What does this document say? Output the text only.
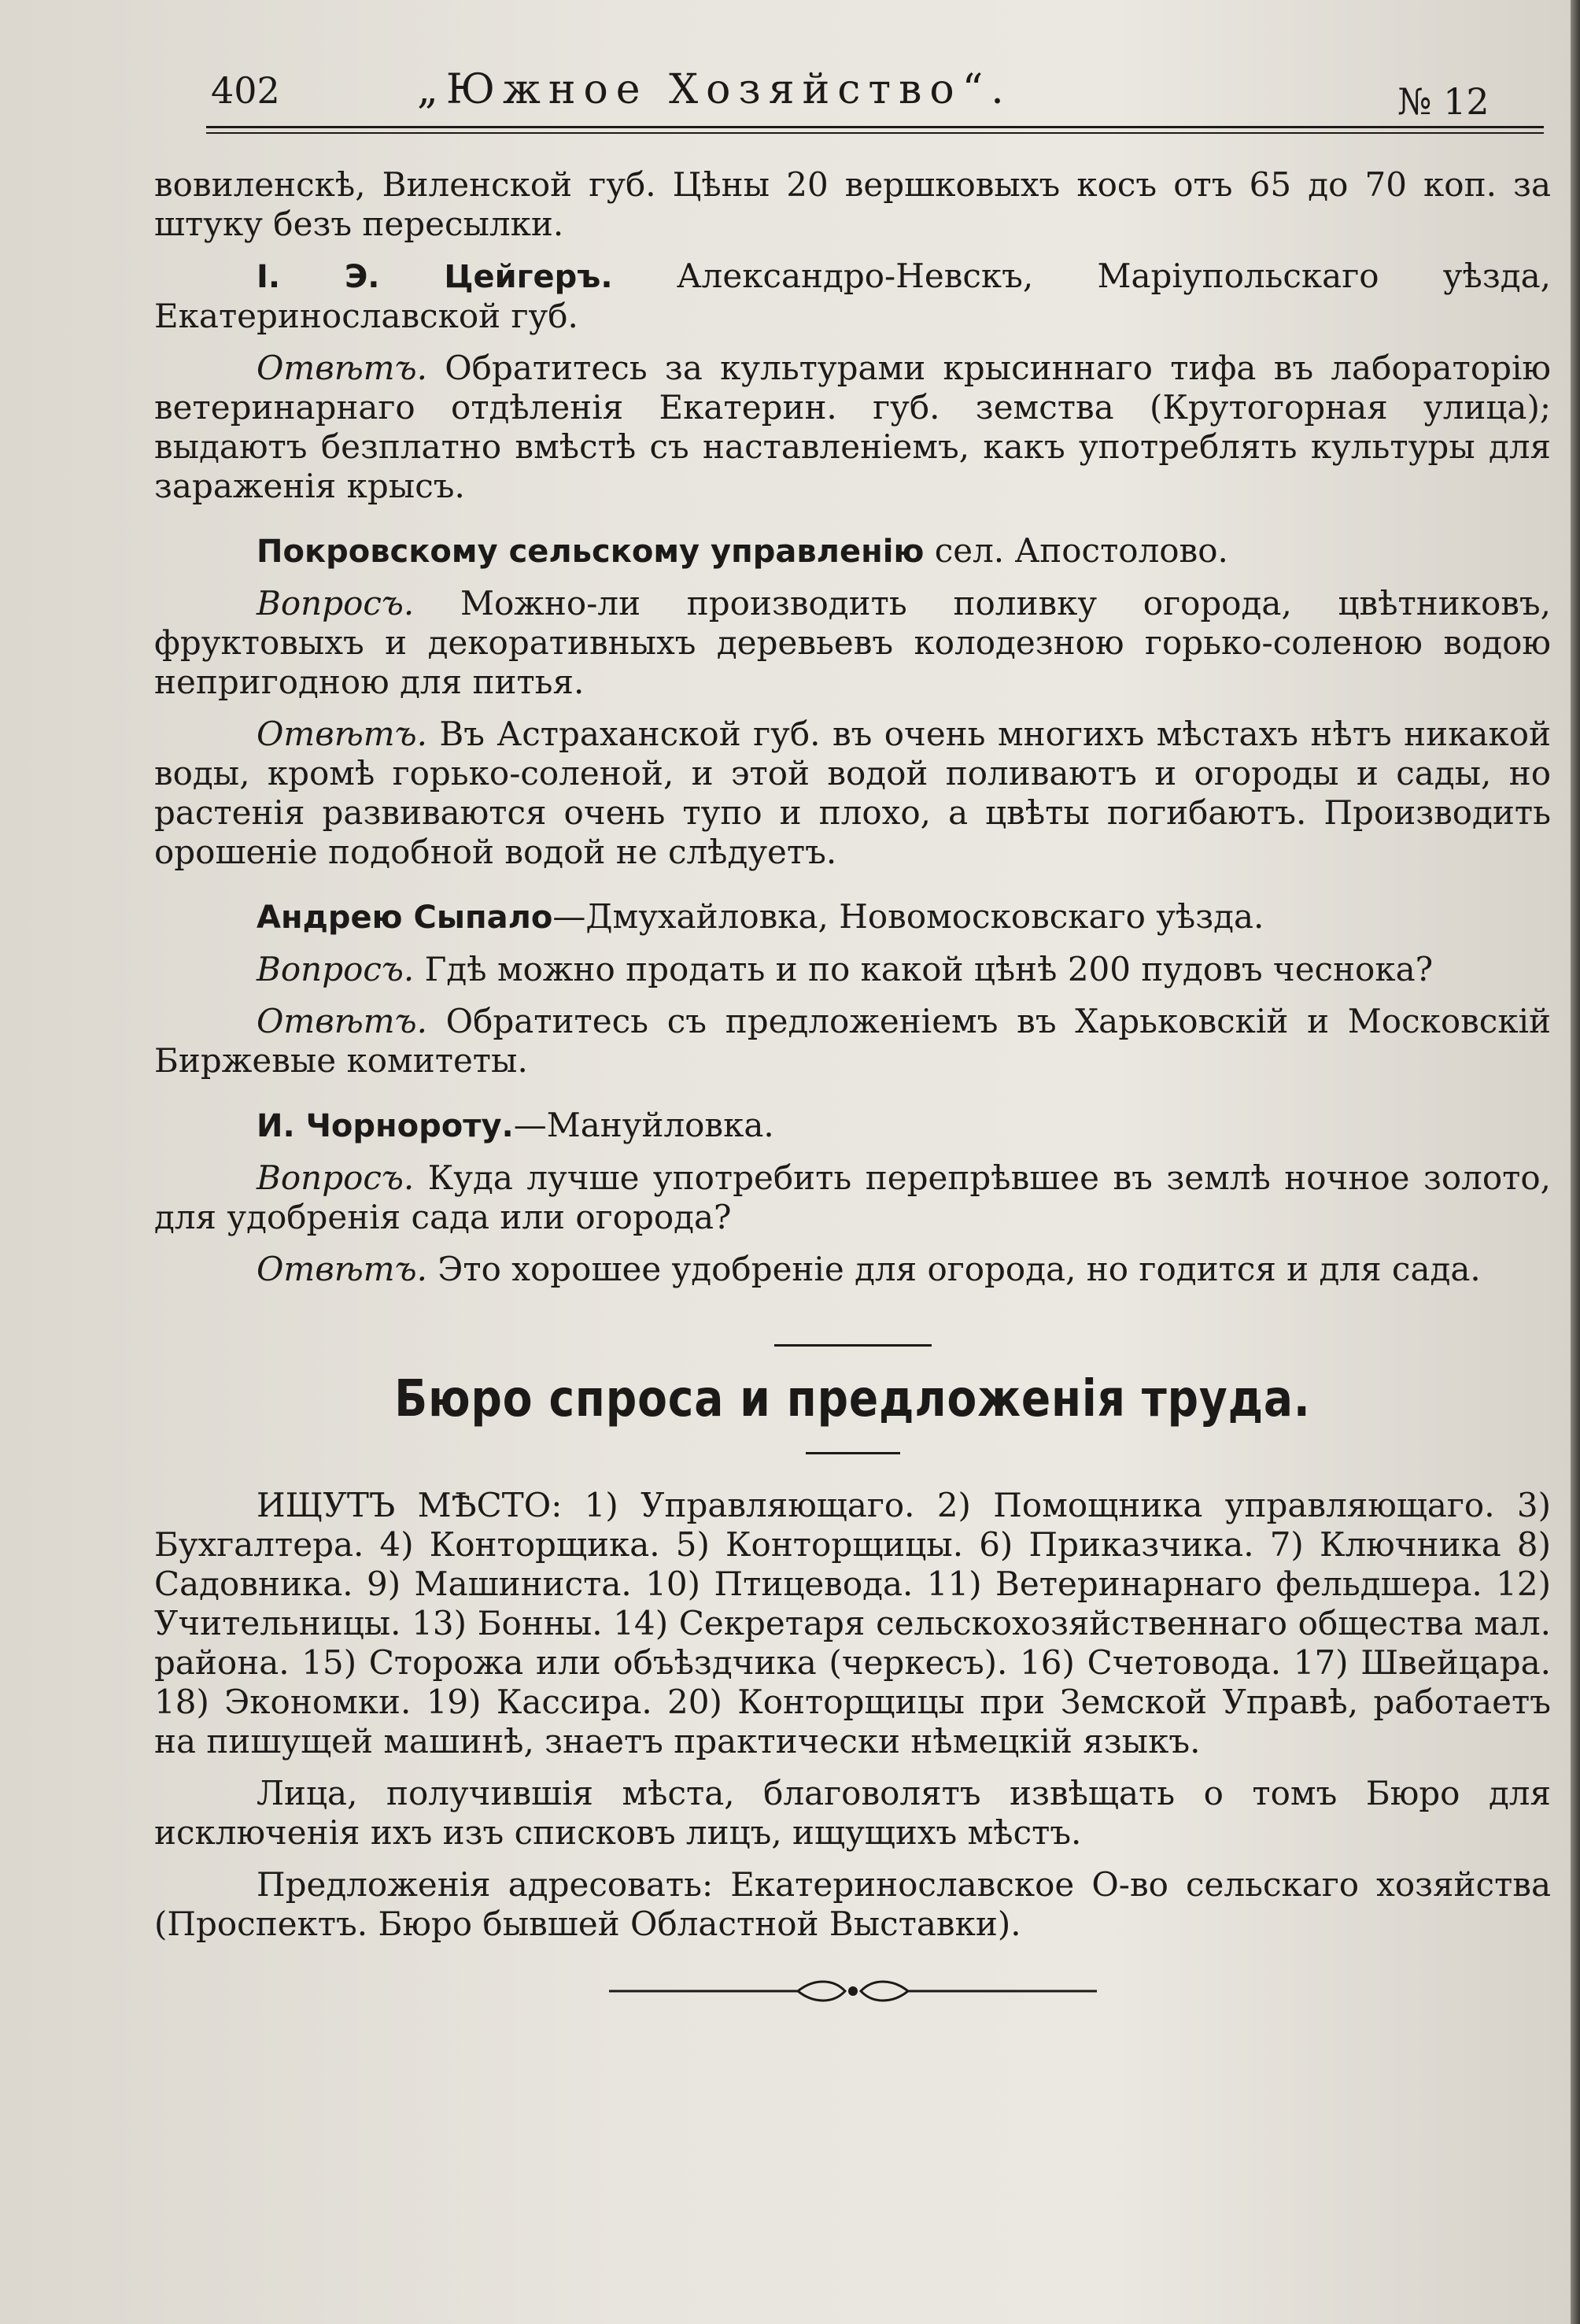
402	„Южное Хозяйство“.	№ 12

вовиленскѣ, Виленской губ. Цѣны 20 вершковыхъ косъ отъ 65 до 70 коп. за штуку безъ пересылки.

І. Э. Цейгеръ. Александро-Невскъ, Маріупольскаго уѣзда, Екатеринославской губ.

Отвѣтъ. Обратитесь за культурами крысиннаго тифа въ лабораторію ветеринарнаго отдѣленія Екатерин. губ. земства (Крутогорная улица); выдаютъ безплатно вмѣстѣ съ наставленіемъ, какъ употреблять культуры для зараженія крысъ.

Покровскому сельскому управленію сел. Апостолово.

Вопросъ. Можно-ли производить поливку огорода, цвѣтниковъ, фруктовыхъ и декоративныхъ деревьевъ колодезною горько-соленою водою непригодною для питья.

Отвѣтъ. Въ Астраханской губ. въ очень многихъ мѣстахъ нѣтъ никакой воды, кромѣ горько-соленой, и этой водой поливаютъ и огороды и сады, но растенія развиваются очень тупо и плохо, а цвѣты погибаютъ. Производить орошеніе подобной водой не слѣдуетъ.

Андрею Сыпало—Дмухайловка, Новомосковскаго уѣзда.

Вопросъ. Гдѣ можно продать и по какой цѣнѣ 200 пудовъ чеснока?

Отвѣтъ. Обратитесь съ предложеніемъ въ Харьковскій и Московскій Биржевые комитеты.

И. Чорнороту.—Мануйловка.

Вопросъ. Куда лучше употребить перепрѣвшее въ землѣ ночное золото, для удобренія сада или огорода?

Отвѣтъ. Это хорошее удобреніе для огорода, но годится и для сада.

Бюро спроса и предложенія труда.

ИЩУТЪ МѢСТО: 1) Управляющаго. 2) Помощника управляющаго. 3) Бухгалтера. 4) Конторщика. 5) Конторщицы. 6) Приказчика. 7) Ключника 8) Садовника. 9) Машиниста. 10) Птицевода. 11) Ветеринарнаго фельдшера. 12) Учительницы. 13) Бонны. 14) Секретаря сельскохозяйственнаго общества мал. района. 15) Сторожа или объѣздчика (черкесъ). 16) Счетовода. 17) Швейцара. 18) Экономки. 19) Кассира. 20) Конторщицы при Земской Управѣ, работаетъ на пишущей машинѣ, знаетъ практически нѣмецкій языкъ.

Лица, получившія мѣста, благоволятъ извѣщать о томъ Бюро для исключенія ихъ изъ списковъ лицъ, ищущихъ мѣстъ.

Предложенія адресовать: Екатеринославское О-во сельскаго хозяйства (Проспектъ. Бюро бывшей Областной Выставки).
